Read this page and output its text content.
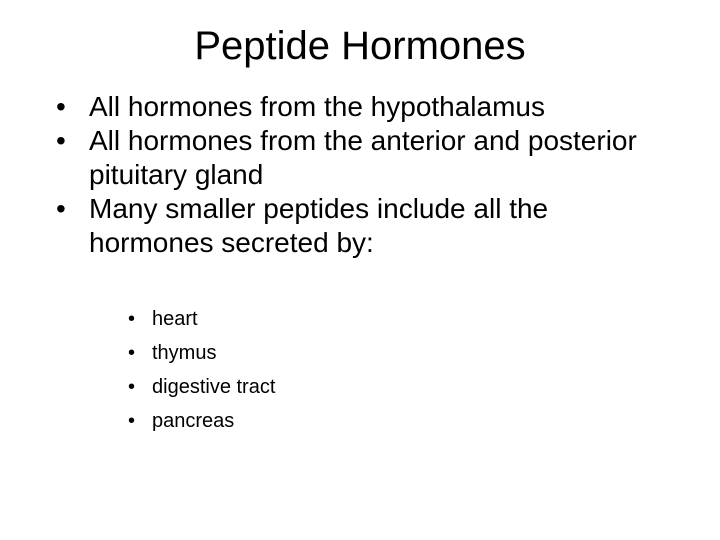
Peptide Hormones
• All hormones from the hypothalamus
• All hormones from the anterior and posterior pituitary gland
• Many smaller peptides include all the hormones secreted by:
• heart
• thymus
• digestive tract
• pancreas
